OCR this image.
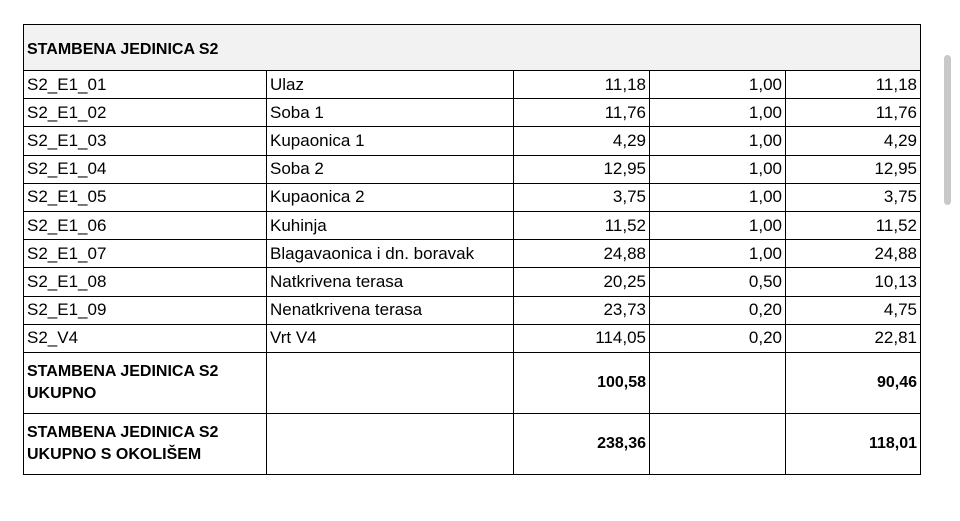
STAMBENA JEDINICA S2				
S2_E1_01	Ulaz	11,18	1,00	11,18
S2_E1_02	Soba 1	11,76	1,00	11,76
S2_E1_03	Kupaonica 1	4,29	1,00	4,29
S2_E1_04	Soba 2	12,95	1,00	12,95
S2_E1_05	Kupaonica 2	3,75	1,00	3,75
S2_E1_06	Kuhinja	11,52	1,00	11,52
S2_E1_07	Blagavaonica i dn. boravak	24,88	1,00	24,88
S2_E1_08	Natkrivena terasa	20,25	0,50	10,13
S2_E1_09	Nenatkrivena terasa	23,73	0,20	4,75
S2_V4	Vrt V4	114,05	0,20	22,81

STAMBENA JEDINICA S2
UKUPNO		100,58		90,46

STAMBENA JEDINICA S2
UKUPNO S OKOLIŠEM		238,36		118,01
